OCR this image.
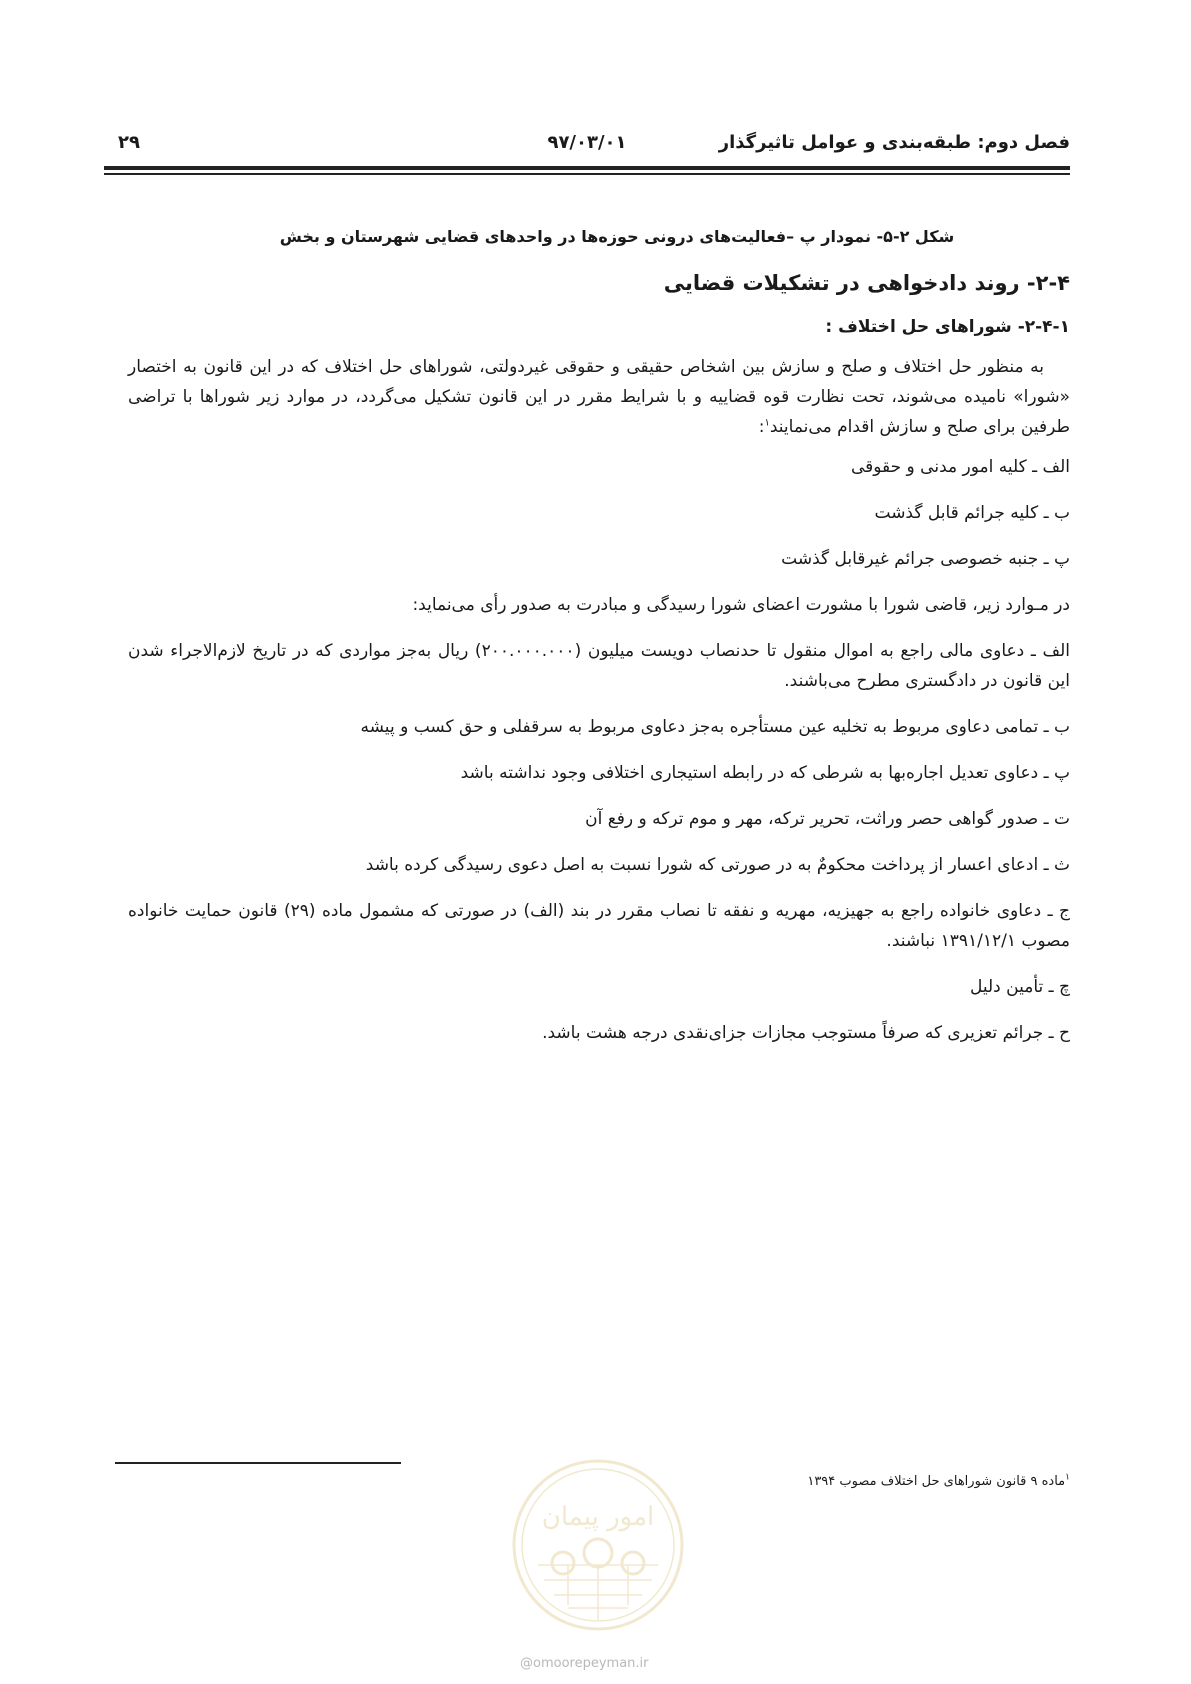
فصل دوم: طبقه‌بندی و عوامل تاثیرگذار
۹۷/۰۳/۰۱
۲۹

شکل ۲-۵- نمودار پ –فعالیت‌های درونی حوزه‌ها در واحدهای قضایی شهرستان و بخش

۲-۴- روند دادخواهی در تشکیلات قضایی

۲-۴-۱- شوراهای حل اختلاف :

به منظور حل اختلاف و صلح و سازش بین اشخاص حقیقی و حقوقی غیردولتی، شوراهای حل اختلاف که در این قانون به اختصار «شورا» نامیده می‌شوند، تحت نظارت قوه قضاییه و با شرایط مقرر در این قانون تشکیل می‌گردد، در موارد زیر شوراها با تراضی طرفین برای صلح و سازش اقدام می‌نمایند$^۱$:

الف ـ کلیه امور مدنی و حقوقی

ب ـ کلیه جرائم قابل گذشت

پ ـ جنبه خصوصی جرائم غیرقابل گذشت

در مـوارد زیر، قاضی شورا با مشورت اعضای شورا رسیدگی و مبادرت به صدور رأی می‌نماید:

الف ـ دعاوی مالی راجع به اموال منقول تا حدنصاب دویست میلیون (۲۰۰.۰۰۰.۰۰۰) ریال به‌جز مواردی که در تاریخ لازم‌الاجراء شدن این قانون در دادگستری مطرح می‌باشند.

ب ـ تمامی دعاوی مربوط به تخلیه عین مستأجره به‌جز دعاوی مربوط به سرقفلی و حق کسب و پیشه

پ ـ دعاوی تعدیل اجاره‌بها به شرطی که در رابطه استیجاری اختلافی وجود نداشته باشد

ت ـ صدور گواهی حصر وراثت، تحریر ترکه، مهر و موم ترکه و رفع آن

ث ـ ادعای اعسار از پرداخت محکومٌ به در صورتی که شورا نسبت به اصل دعوی رسیدگی کرده باشد

ج ـ دعاوی خانواده راجع به جهیزیه، مهریه و نفقه تا نصاب مقرر در بند (الف) در صورتی که مشمول ماده (۲۹) قانون حمایت خانواده مصوب ۱۳۹۱/۱۲/۱ نباشند.

چ ـ تأمین دلیل

ح ـ جرائم تعزیری که صرفاً مستوجب مجازات جزای‌نقدی درجه هشت باشد.

$^۱$ماده ۹ قانون شوراهای حل اختلاف مصوب ۱۳۹۴
امور پیمان
@omoorepeyman.ir
